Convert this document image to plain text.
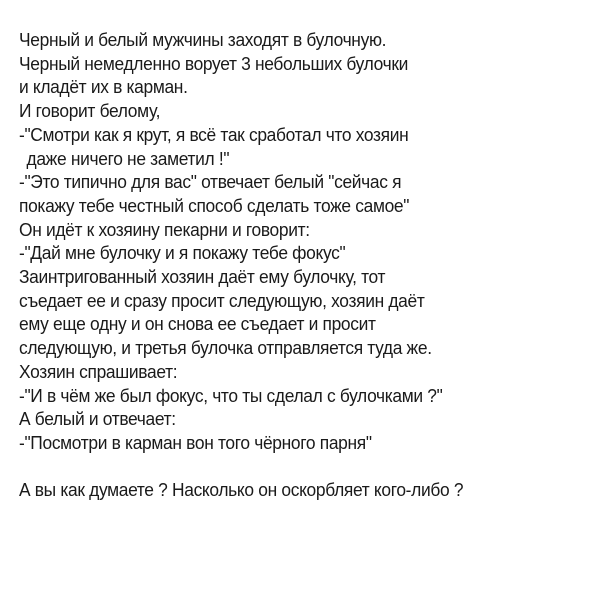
Черный и белый мужчины заходят в булочную.
Черный немедленно ворует 3 небольших булочки
и кладёт их в карман.
И говорит белому,
-"Смотри как я крут, я всё так сработал что хозяин
даже ничего не заметил !"
-"Это типично для вас" отвечает белый "сейчас я
покажу тебе честный способ сделать тоже самое"
Он идёт к хозяину пекарни и говорит:
-"Дай мне булочку и я покажу тебе фокус"
Заинтригованный хозяин даёт ему булочку, тот
съедает ее и сразу просит следующую, хозяин даёт
ему еще одну и он снова ее съедает и просит
следующую, и третья булочка отправляется туда же.
Хозяин спрашивает:
-"И в чём же был фокус, что ты сделал с булочками ?"
А белый и отвечает:
-"Посмотри в карман вон того чёрного парня"
А вы как думаете ? Насколько он оскорбляет кого-либо ?
